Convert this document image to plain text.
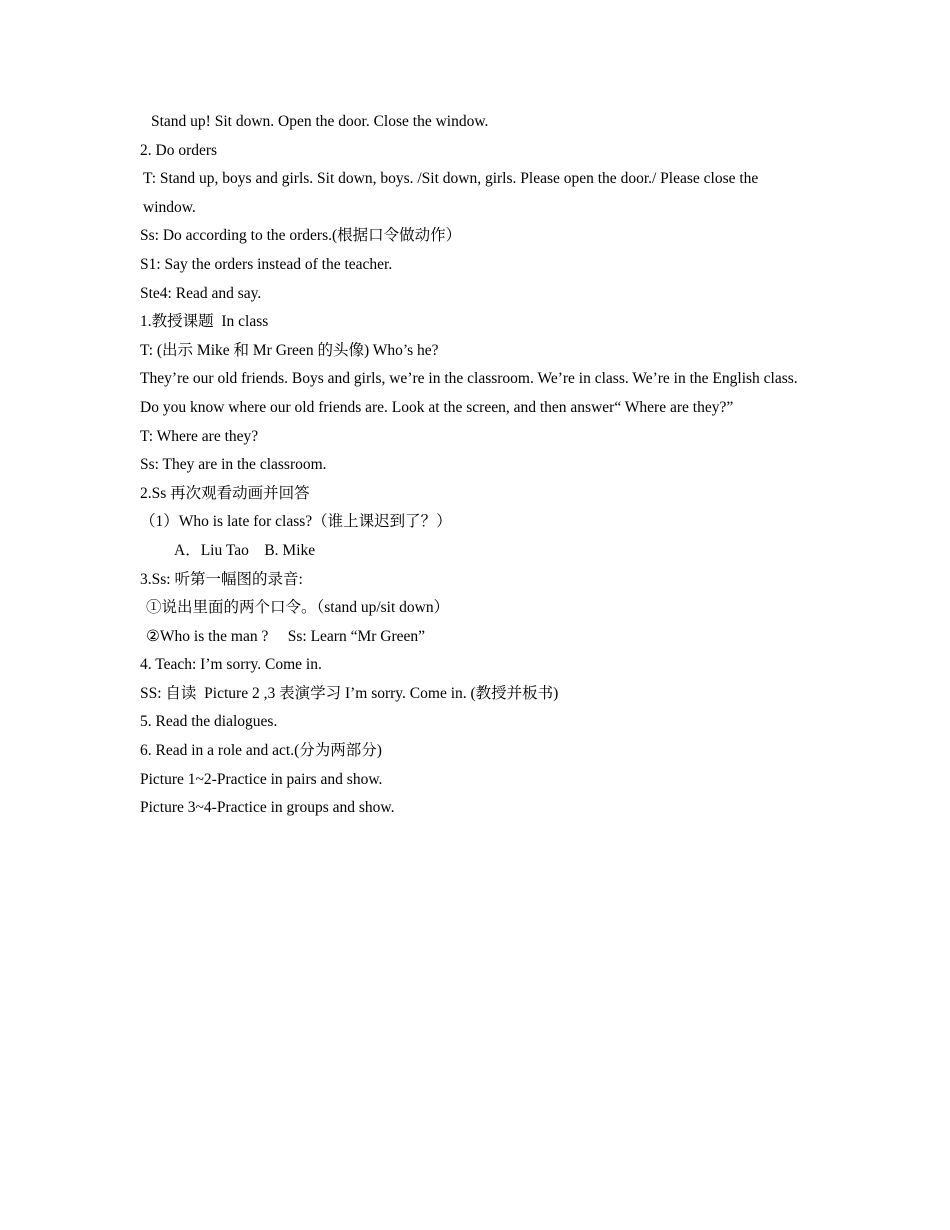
Stand up! Sit down. Open the door. Close the window.

2. Do orders

T: Stand up, boys and girls. Sit down, boys. /Sit down, girls. Please open the door./ Please close the window.

Ss: Do according to the orders.(根据口令做动作）

S1: Say the orders instead of the teacher.

Ste4: Read and say.

1.教授课题  In class

T: (出示 Mike 和 Mr Green 的头像) Who’s he?

They’re our old friends. Boys and girls, we’re in the classroom. We’re in class. We’re in the English class. Do you know where our old friends are. Look at the screen, and then answer“ Where are they?”

T: Where are they?

Ss: They are in the classroom.

2.Ss 再次观看动画并回答

（1）Who is late for class?（谁上课迟到了？）

A．Liu Tao    B. Mike

3.Ss: 听第一幅图的录音:

①说出里面的两个口令。（stand up/sit down）

②Who is the man ?     Ss: Learn “Mr Green”

4. Teach: I’m sorry. Come in.

SS: 自读  Picture 2 ,3 表演学习 I’m sorry. Come in. (教授并板书)

5. Read the dialogues.

6. Read in a role and act.(分为两部分)

Picture 1~2-Practice in pairs and show.

Picture 3~4-Practice in groups and show.
